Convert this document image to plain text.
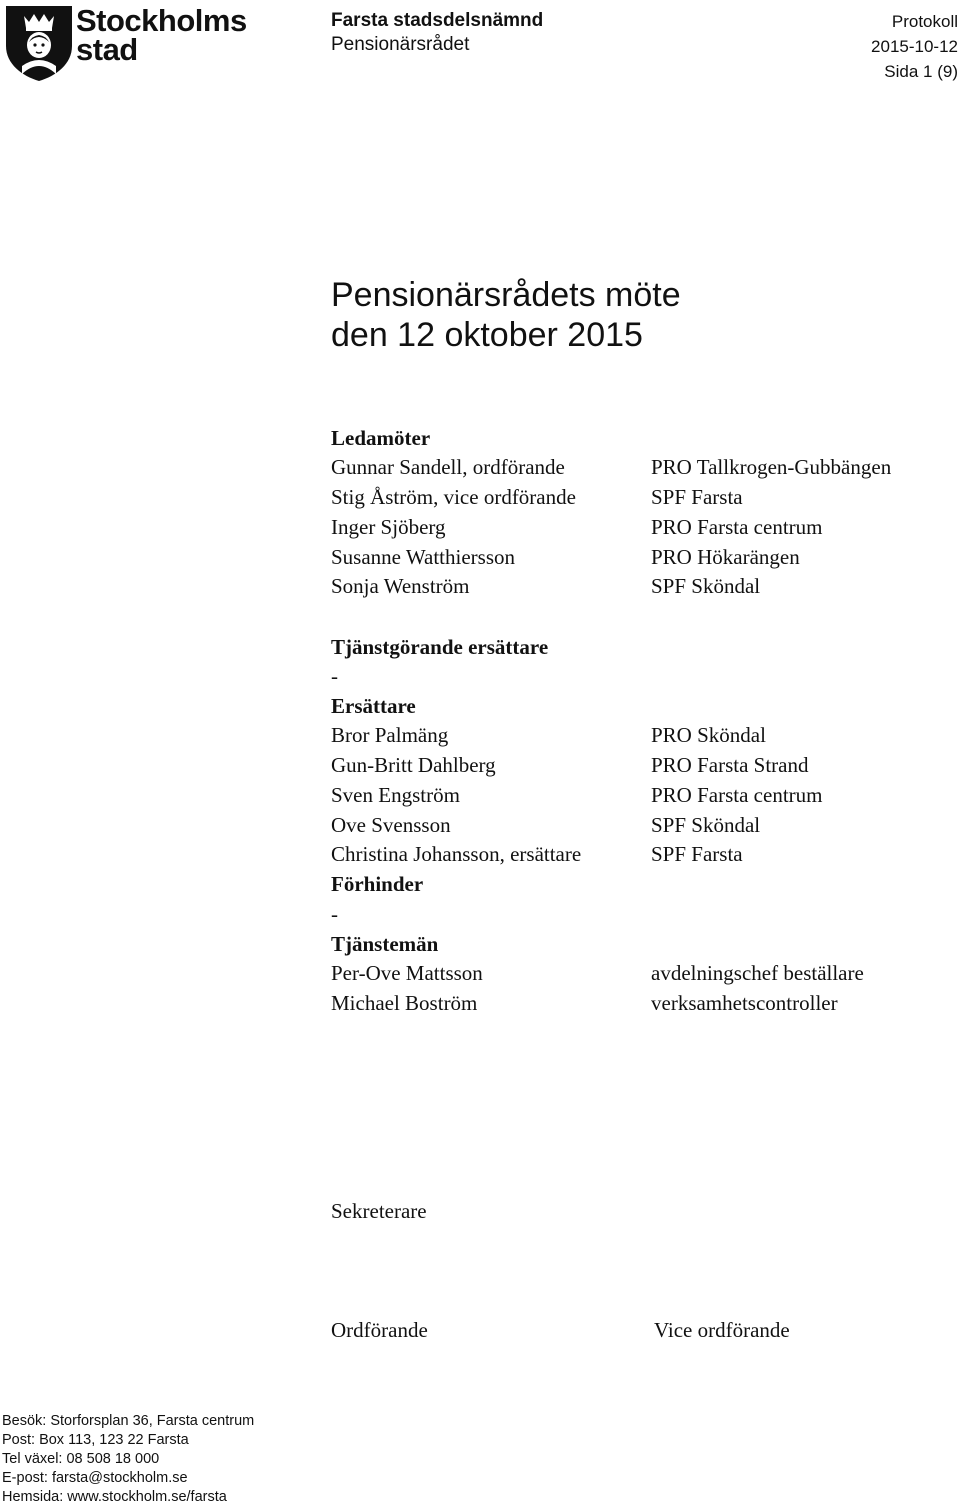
Stockholms
stad
Farsta stadsdelsnämnd
Pensionärsrådet
Protokoll
2015-10-12
Sida 1 (9)
Pensionärsrådets möte
den 12 oktober 2015
Ledamöter
Gunnar Sandell, ordförande	PRO Tallkrogen-Gubbängen
Stig Åström, vice ordförande	SPF Farsta
Inger Sjöberg	PRO Farsta centrum
Susanne Watthiersson	PRO Hökarängen
Sonja Wenström	SPF Sköndal
Tjänstgörande ersättare
-
Ersättare
Bror Palmäng	PRO Sköndal
Gun-Britt Dahlberg	PRO Farsta Strand
Sven Engström	PRO Farsta centrum
Ove Svensson	SPF Sköndal
Christina Johansson, ersättare	SPF Farsta
Förhinder
-
Tjänstemän
Per-Ove Mattsson	avdelningschef beställare
Michael Boström	verksamhetscontroller
Sekreterare
Ordförande	Vice ordförande
Besök: Storforsplan 36, Farsta centrum
Post: Box 113, 123 22 Farsta
Tel växel: 08 508 18 000
E-post: farsta@stockholm.se
Hemsida: www.stockholm.se/farsta
